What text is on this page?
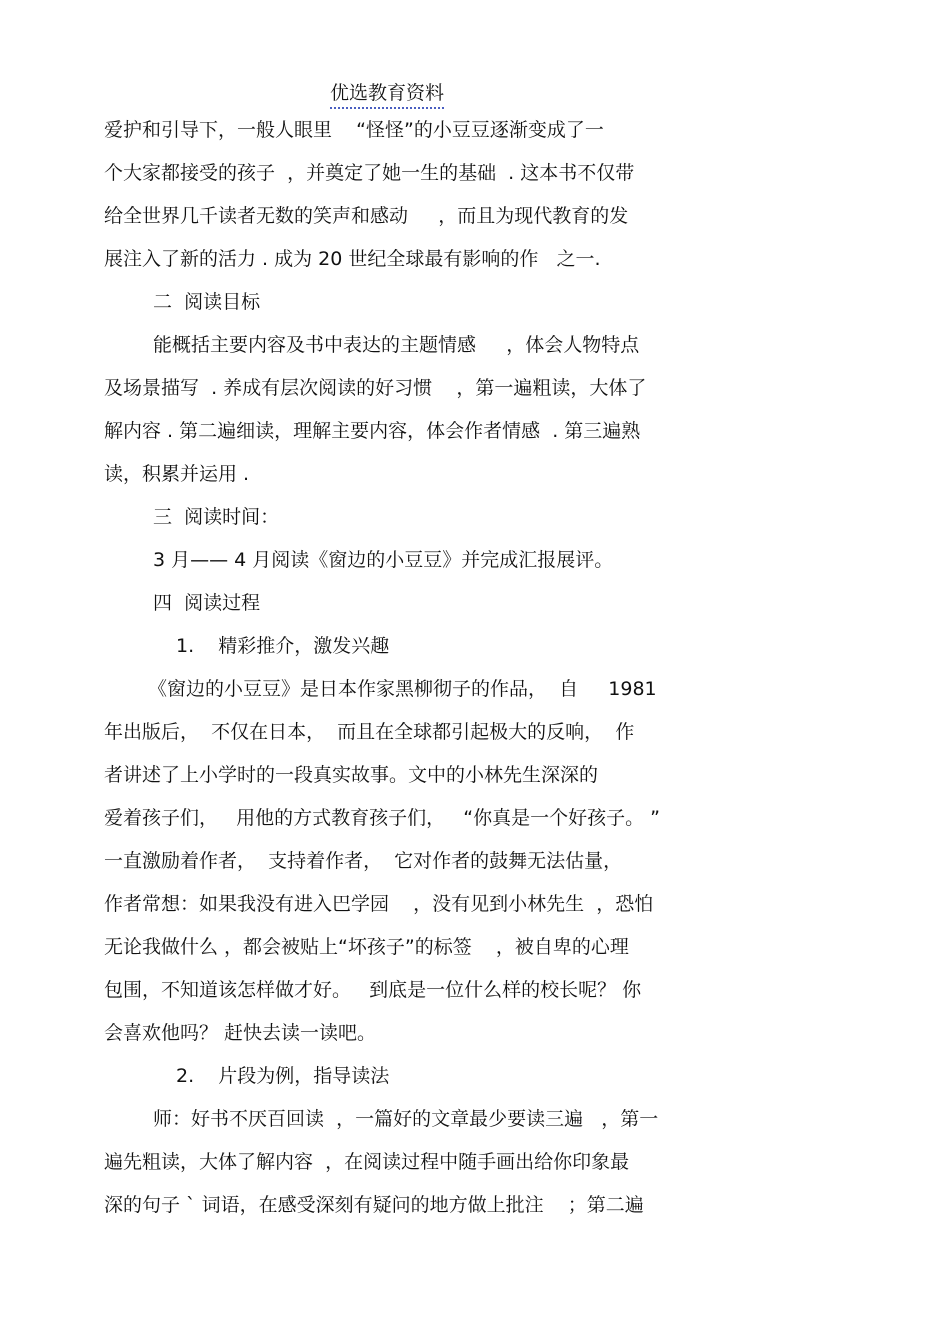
优选教育资料
爱护和引导下，一般人眼里    “怪怪”的小豆豆逐渐变成了一
个大家都接受的孩子  ，并奠定了她一生的基础  . 这本书不仅带
给全世界几千读者无数的笑声和感动     ，而且为现代教育的发
展注入了新的活力 . 成为 20 世纪全球最有影响的作   之一.
二  阅读目标
能概括主要内容及书中表达的主题情感     ，体会人物特点
及场景描写  . 养成有层次阅读的好习惯    ，第一遍粗读，大体了
解内容 . 第二遍细读，理解主要内容，体会作者情感  . 第三遍熟
读，积累并运用 .
三  阅读时间：
3 月—— 4 月阅读《窗边的小豆豆》并完成汇报展评。
四  阅读过程
1.    精彩推介，激发兴趣
《窗边的小豆豆》是日本作家黑柳彻子的作品，  自     1981
年出版后，  不仅在日本，  而且在全球都引起极大的反响，  作
者讲述了上小学时的一段真实故事。文中的小林先生深深的
爱着孩子们，   用他的方式教育孩子们，   “你真是一个好孩子。 ”
一直激励着作者，  支持着作者，  它对作者的鼓舞无法估量，
作者常想：如果我没有进入巴学园    ，没有见到小林先生  ，恐怕
无论我做什么 ，都会被贴上“坏孩子”的标签    ，被自卑的心理
包围，不知道该怎样做才好。   到底是一位什么样的校长呢？ 你
会喜欢他吗？ 赶快去读一读吧。
2.    片段为例，指导读法
师：好书不厌百回读  ，一篇好的文章最少要读三遍   ，第一
遍先粗读，大体了解内容  ，在阅读过程中随手画出给你印象最
深的句子 ` 词语，在感受深刻有疑问的地方做上批注    ；第二遍
